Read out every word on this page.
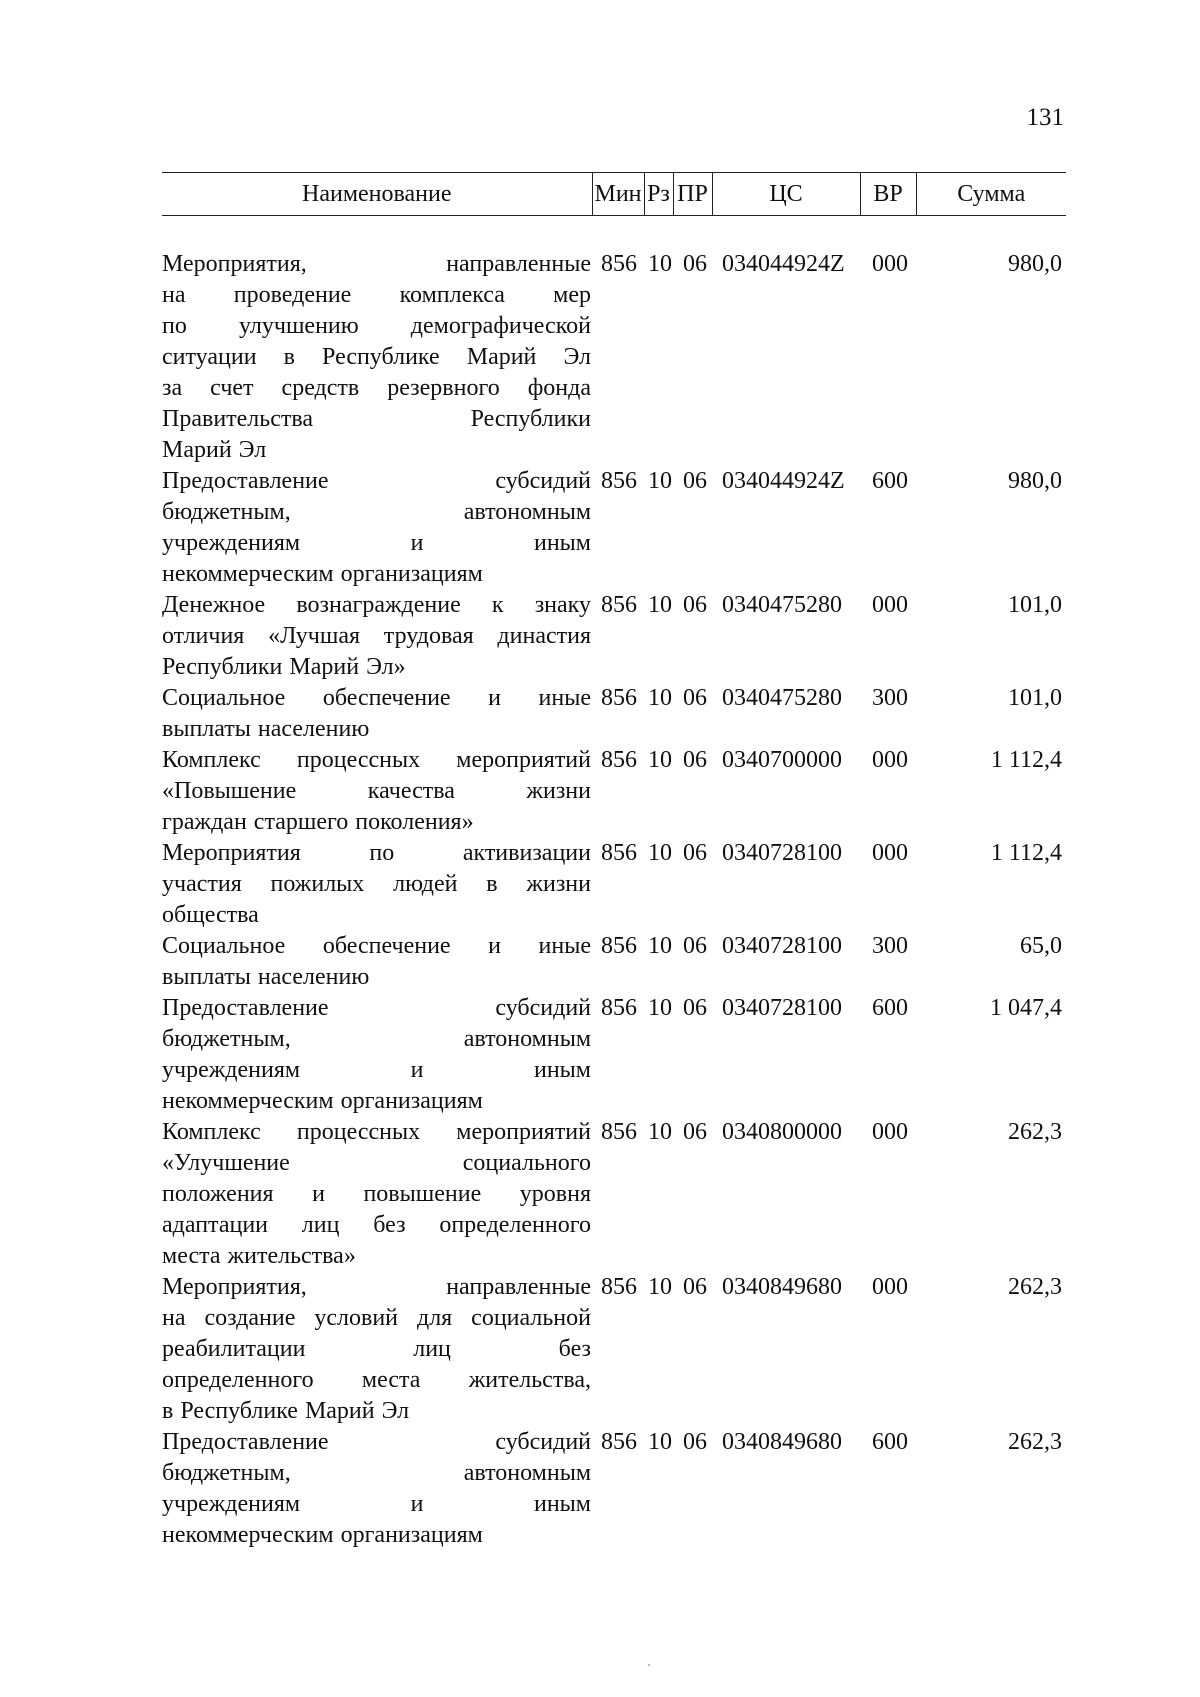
131
Наименование	Мин	Рз	ПР	ЦС	ВР	Сумма
Мероприятия, направленные
на проведение комплекса мер
по улучшению демографической
ситуации в Республике Марий Эл
за счет средств резервного фонда
Правительства Республики
Марий Эл
856 10 06 034044924Z	000	980,0
Предоставление субсидий
бюджетным, автономным
учреждениям и иным
некоммерческим организациям
856 10 06 034044924Z	600	980,0
Денежное вознаграждение к знаку
отличия «Лучшая трудовая династия
Республики Марий Эл»
856 10 06 0340475280	000	101,0
Социальное обеспечение и иные
выплаты населению
856 10 06 0340475280	300	101,0
Комплекс процессных мероприятий
«Повышение качества жизни
граждан старшего поколения»
856 10 06 0340700000	000	1 112,4
Мероприятия по активизации
участия пожилых людей в жизни
общества
856 10 06 0340728100	000	1 112,4
Социальное обеспечение и иные
выплаты населению
856 10 06 0340728100	300	65,0
Предоставление субсидий
бюджетным, автономным
учреждениям и иным
некоммерческим организациям
856 10 06 0340728100	600	1 047,4
Комплекс процессных мероприятий
«Улучшение социального
положения и повышение уровня
адаптации лиц без определенного
места жительства»
856 10 06 0340800000	000	262,3
Мероприятия, направленные
на создание условий для социальной
реабилитации лиц без
определенного места жительства,
в Республике Марий Эл
856 10 06 0340849680	000	262,3
Предоставление субсидий
бюджетным, автономным
учреждениям и иным
некоммерческим организациям
856 10 06 0340849680	600	262,3
